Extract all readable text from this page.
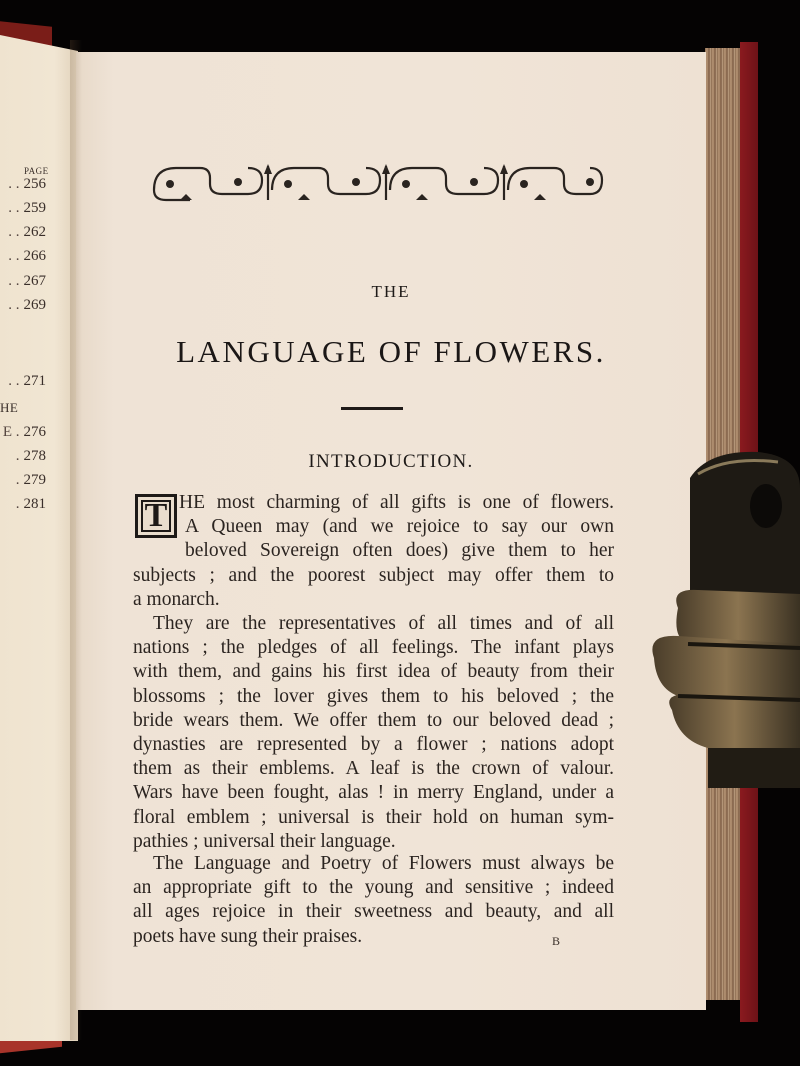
PAGE
. . 256
. . 259
. . 262
. . 266
. . 267
. . 269
. . 271
HE
E . 276
. 278
. 279
. 281
THE
LANGUAGE OF FLOWERS.
INTRODUCTION.
T HE most charming of all gifts is one of flowers.
A Queen may (and we rejoice to say our own
beloved Sovereign often does) give them to her
subjects ; and the poorest subject may offer them to
a monarch.
They are the representatives of all times and of all
nations ; the pledges of all feelings. The infant plays
with them, and gains his first idea of beauty from their
blossoms ; the lover gives them to his beloved ; the
bride wears them. We offer them to our beloved dead ;
dynasties are represented by a flower ; nations adopt
them as their emblems. A leaf is the crown of valour.
Wars have been fought, alas ! in merry England, under a
floral emblem ; universal is their hold on human sym-
pathies ; universal their language.
The Language and Poetry of Flowers must always be
an appropriate gift to the young and sensitive ; indeed
all ages rejoice in their sweetness and beauty, and all
poets have sung their praises.	B
